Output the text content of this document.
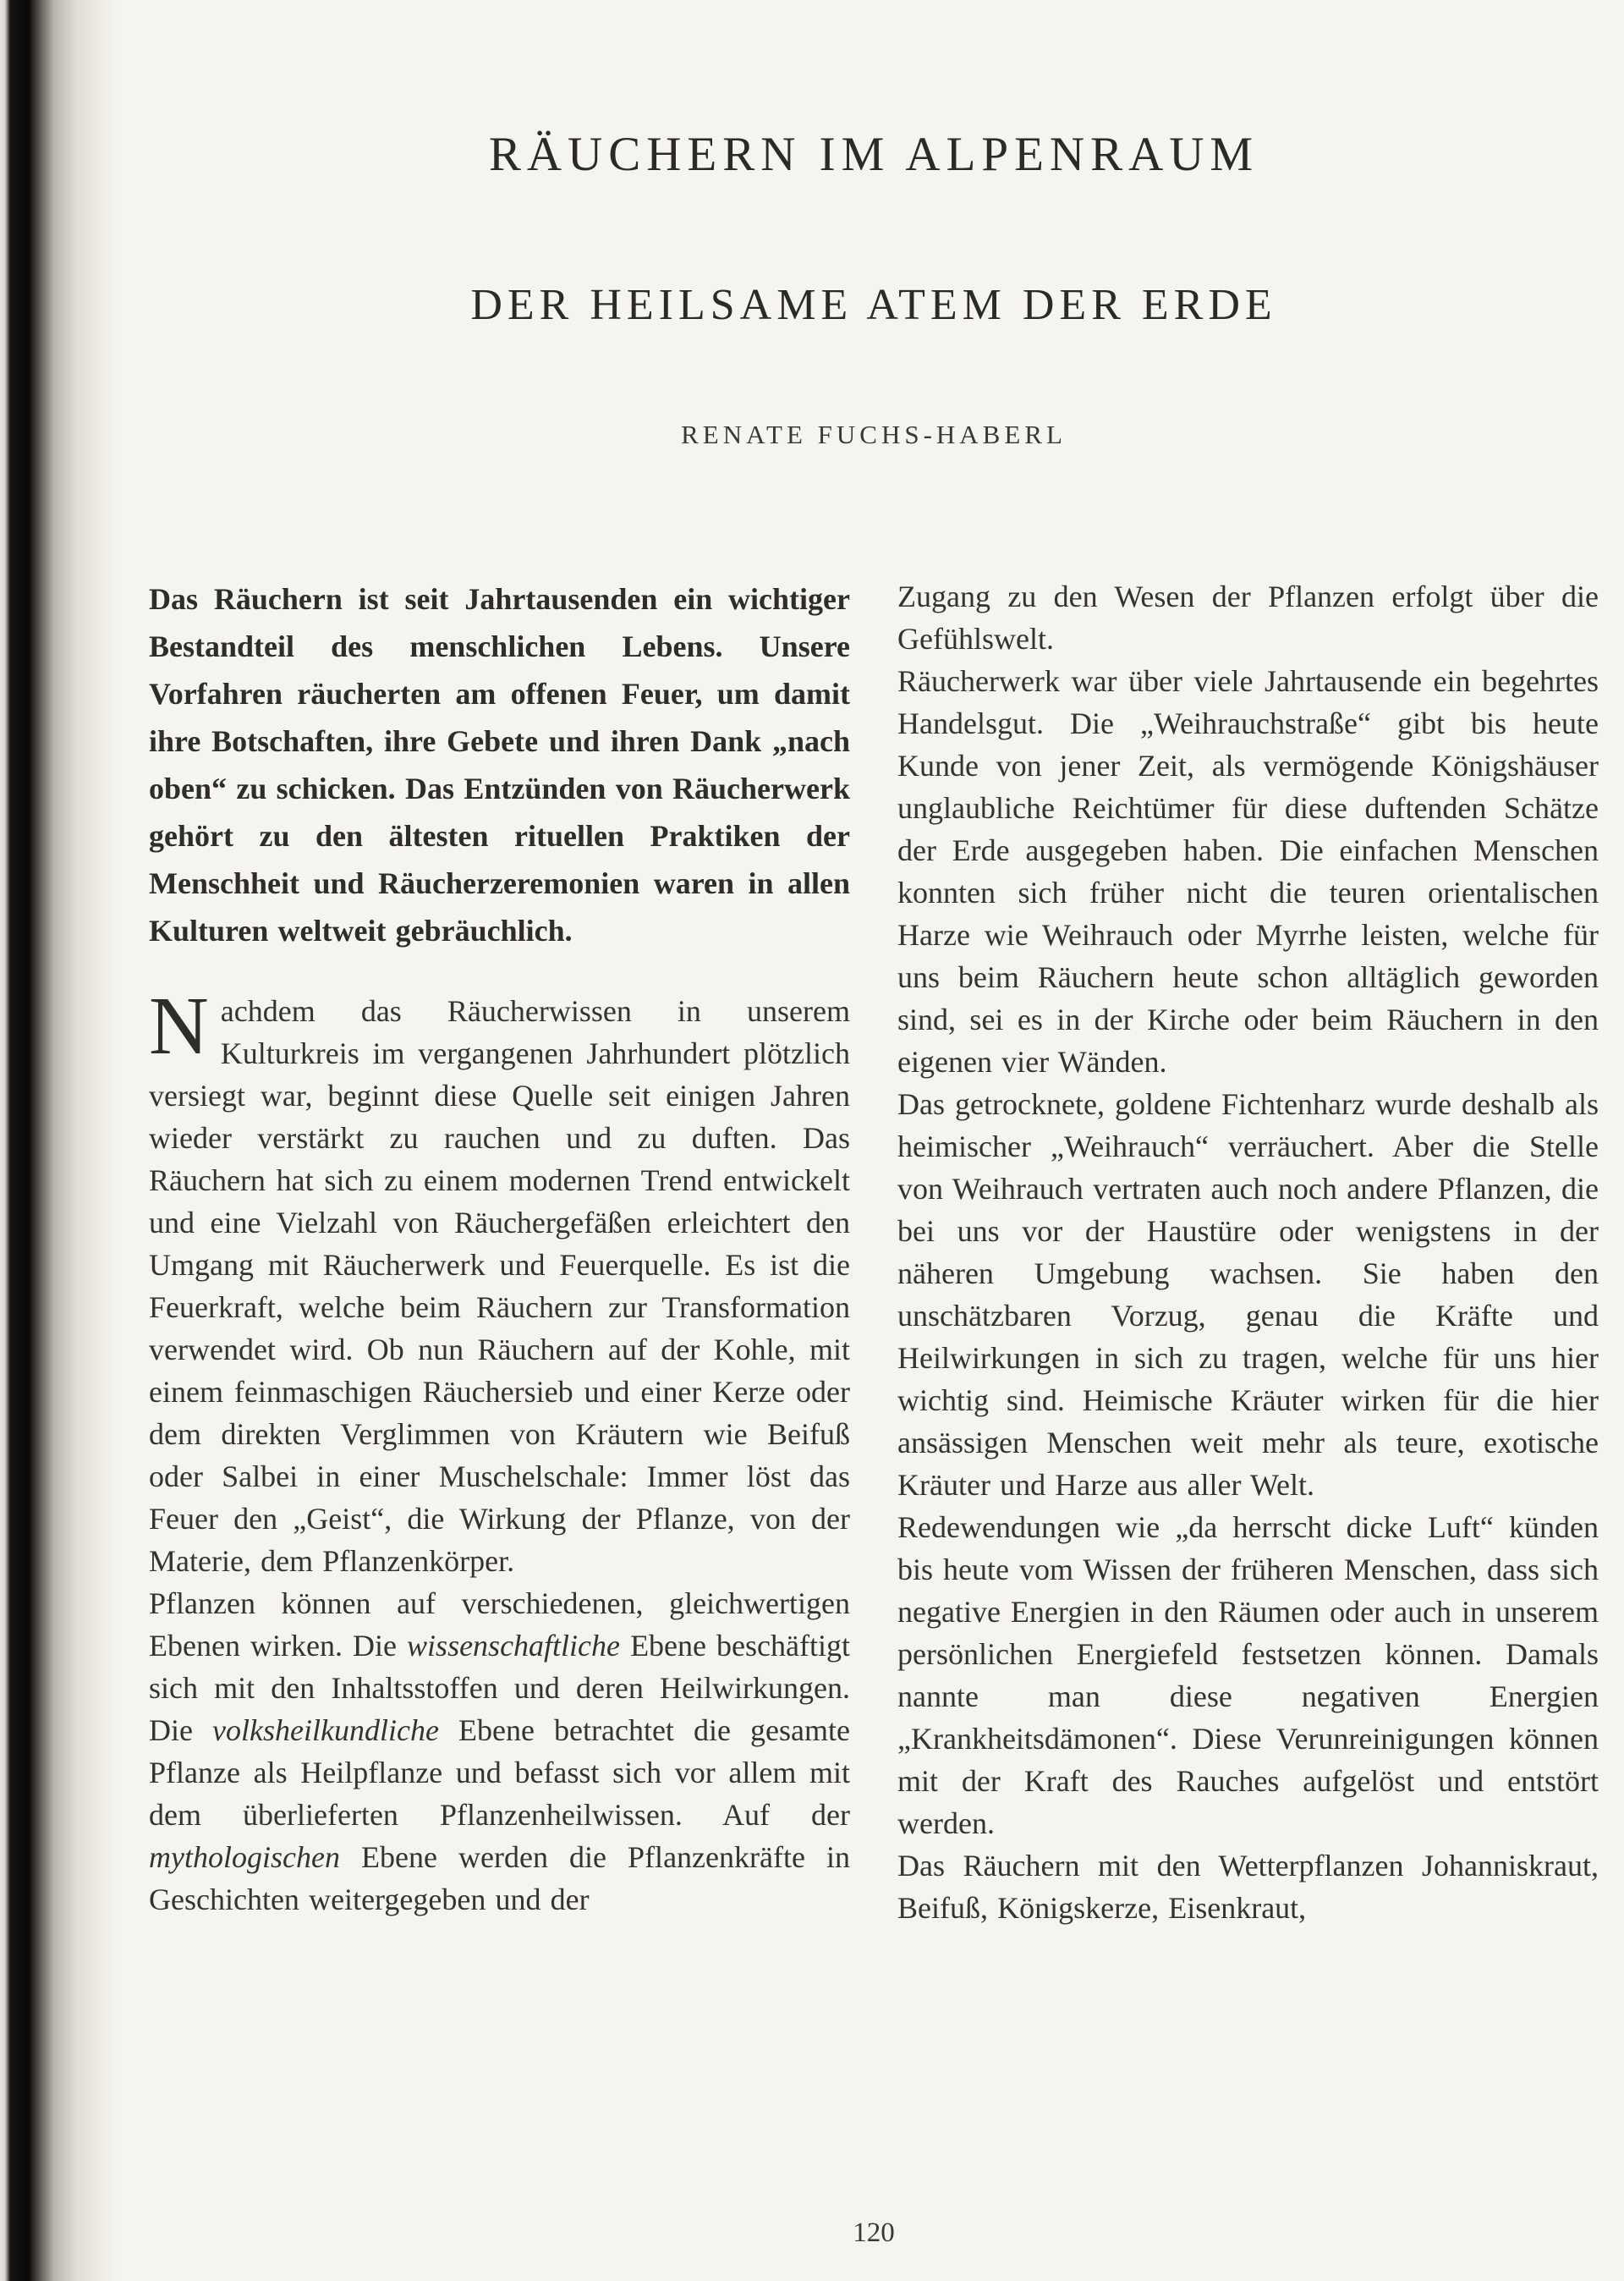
RÄUCHERN IM ALPENRAUM
DER HEILSAME ATEM DER ERDE
RENATE FUCHS-HABERL

Das Räuchern ist seit Jahrtausenden ein wichtiger Bestandteil des menschlichen Lebens. Unsere Vorfahren räucherten am offenen Feuer, um damit ihre Botschaften, ihre Gebete und ihren Dank „nach oben“ zu schicken. Das Entzünden von Räucherwerk gehört zu den ältesten rituellen Praktiken der Menschheit und Räucherzeremonien waren in allen Kulturen weltweit gebräuchlich.

Nachdem das Räucherwissen in unserem Kulturkreis im vergangenen Jahrhundert plötzlich versiegt war, beginnt diese Quelle seit einigen Jahren wieder verstärkt zu rauchen und zu duften. Das Räuchern hat sich zu einem modernen Trend entwickelt und eine Vielzahl von Räuchergefäßen erleichtert den Umgang mit Räucherwerk und Feuerquelle. Es ist die Feuerkraft, welche beim Räuchern zur Transformation verwendet wird. Ob nun Räuchern auf der Kohle, mit einem feinmaschigen Räuchersieb und einer Kerze oder dem direkten Verglimmen von Kräutern wie Beifuß oder Salbei in einer Muschelschale: Immer löst das Feuer den „Geist“, die Wirkung der Pflanze, von der Materie, dem Pflanzenkörper.

Pflanzen können auf verschiedenen, gleichwertigen Ebenen wirken. Die wissenschaftliche Ebene beschäftigt sich mit den Inhaltsstoffen und deren Heilwirkungen. Die volksheilkundliche Ebene betrachtet die gesamte Pflanze als Heilpflanze und befasst sich vor allem mit dem überlieferten Pflanzenheilwissen. Auf der mythologischen Ebene werden die Pflanzenkräfte in Geschichten weitergegeben und der

Zugang zu den Wesen der Pflanzen erfolgt über die Gefühlswelt.

Räucherwerk war über viele Jahrtausende ein begehrtes Handelsgut. Die „Weihrauchstraße“ gibt bis heute Kunde von jener Zeit, als vermögende Königshäuser unglaubliche Reichtümer für diese duftenden Schätze der Erde ausgegeben haben. Die einfachen Menschen konnten sich früher nicht die teuren orientalischen Harze wie Weihrauch oder Myrrhe leisten, welche für uns beim Räuchern heute schon alltäglich geworden sind, sei es in der Kirche oder beim Räuchern in den eigenen vier Wänden.

Das getrocknete, goldene Fichtenharz wurde deshalb als heimischer „Weihrauch“ verräuchert. Aber die Stelle von Weihrauch vertraten auch noch andere Pflanzen, die bei uns vor der Haustüre oder wenigstens in der näheren Umgebung wachsen. Sie haben den unschätzbaren Vorzug, genau die Kräfte und Heilwirkungen in sich zu tragen, welche für uns hier wichtig sind. Heimische Kräuter wirken für die hier ansässigen Menschen weit mehr als teure, exotische Kräuter und Harze aus aller Welt.

Redewendungen wie „da herrscht dicke Luft“ künden bis heute vom Wissen der früheren Menschen, dass sich negative Energien in den Räumen oder auch in unserem persönlichen Energiefeld festsetzen können. Damals nannte man diese negativen Energien „Krankheitsdämonen“. Diese Verunreinigungen können mit der Kraft des Rauches aufgelöst und entstört werden.

Das Räuchern mit den Wetterpflanzen Johanniskraut, Beifuß, Königskerze, Eisenkraut,

120
